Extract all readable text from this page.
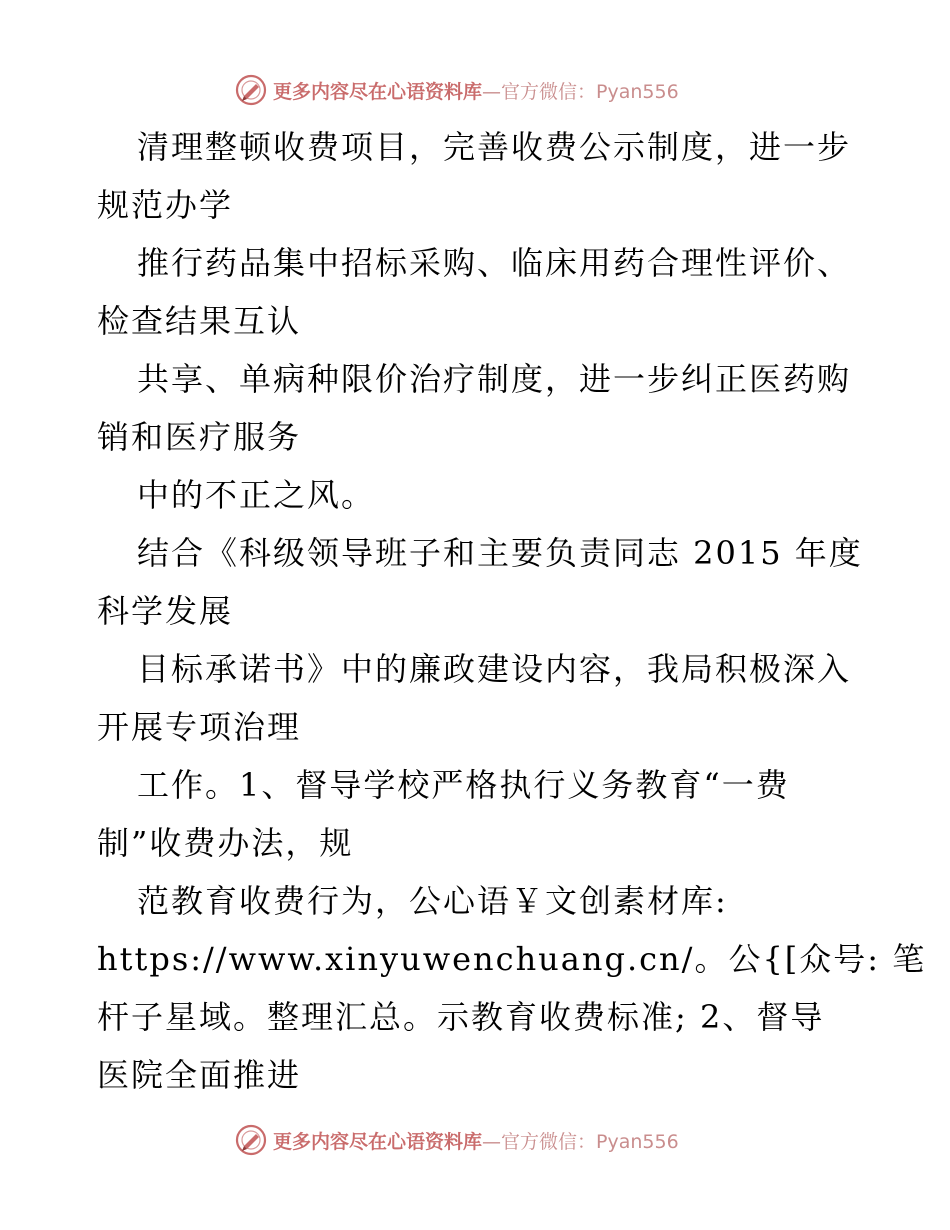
更多内容尽在心语资料库—官方微信：Pyan556
清理整顿收费项目，完善收费公示制度，进一步
规范办学
推行药品集中招标采购、临床用药合理性评价、
检查结果互认
共享、单病种限价治疗制度，进一步纠正医药购
销和医疗服务
中的不正之风。
结合《科级领导班子和主要负责同志 2015 年度
科学发展
目标承诺书》中的廉政建设内容，我局积极深入
开展专项治理
工作。1、督导学校严格执行义务教育“一费
制”收费办法，规
范教育收费行为，公心语￥文创素材库:
https://www.xinyuwenchuang.cn/。公{[众号: 笔
杆子星域。整理汇总。示教育收费标准; 2、督导
医院全面推进
更多内容尽在心语资料库—官方微信：Pyan556
